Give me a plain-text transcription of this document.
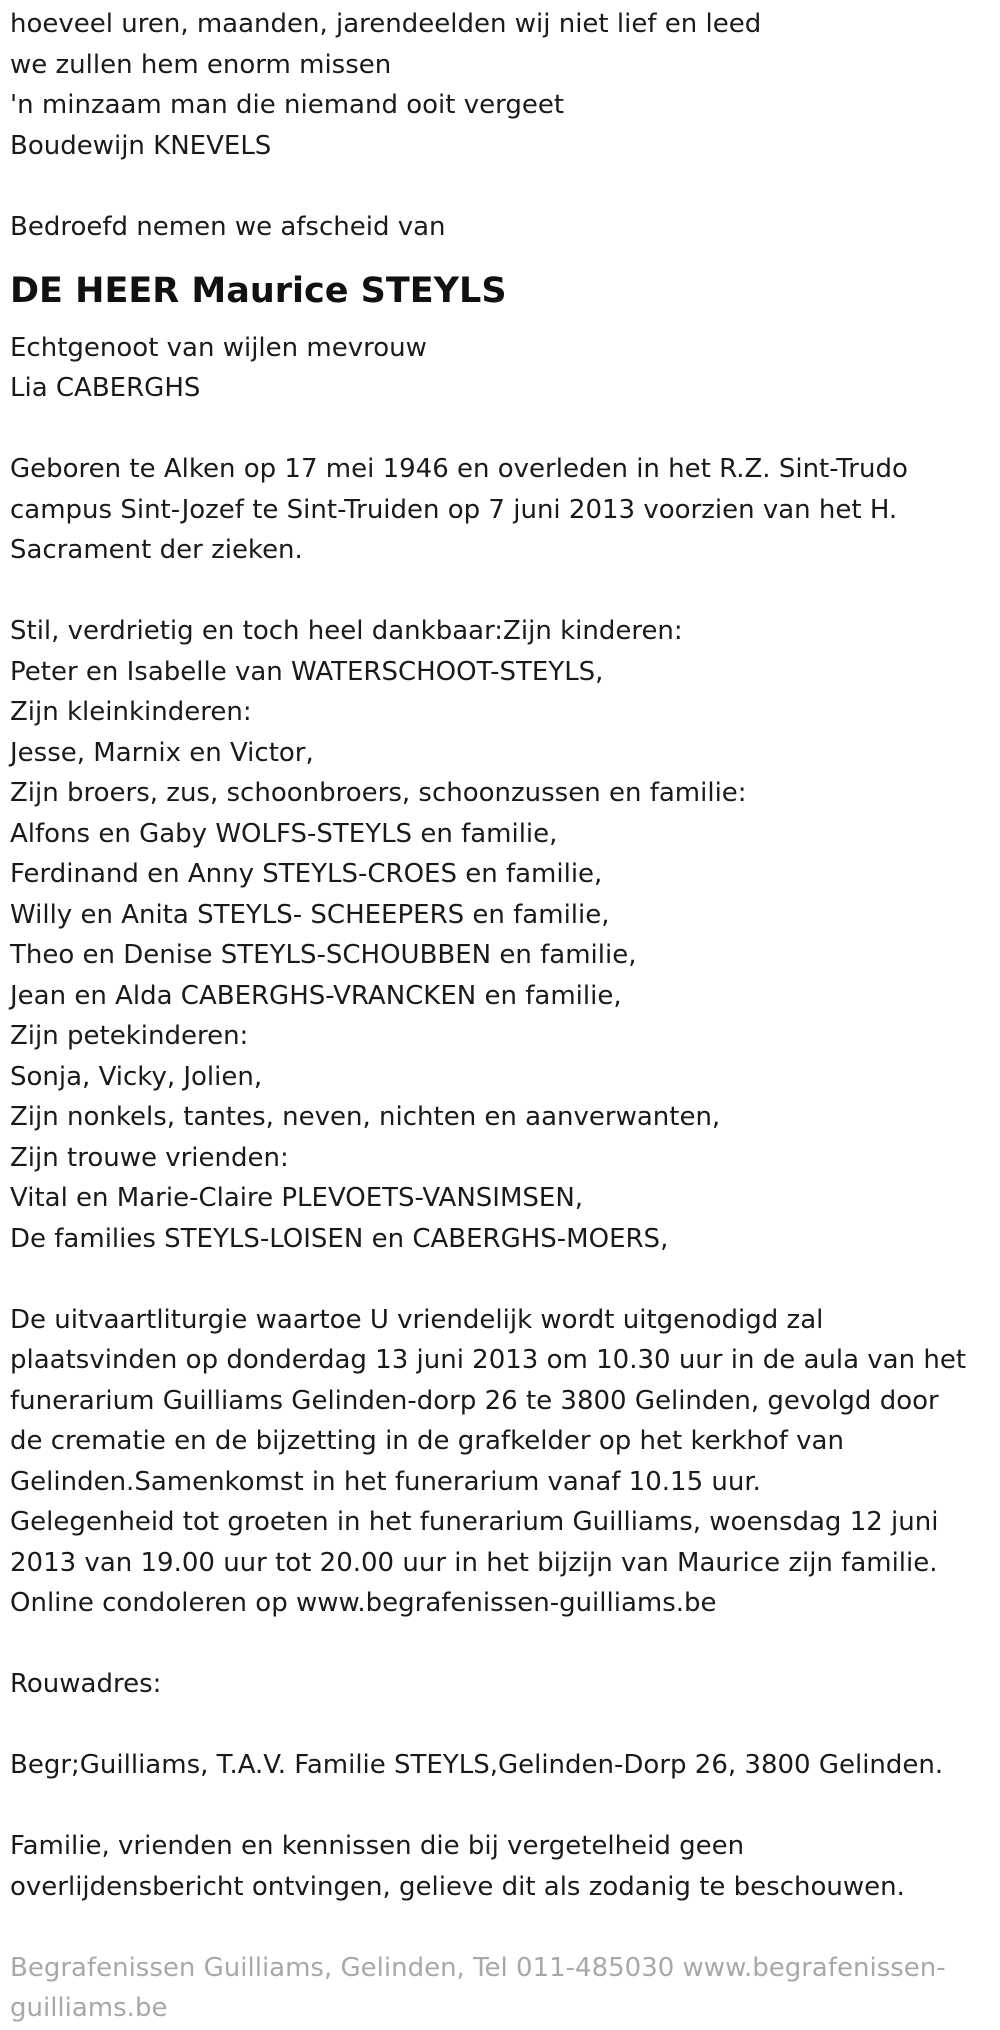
hoeveel uren, maanden, jarendeelden wij niet lief en leed
we zullen hem enorm missen
'n minzaam man die niemand ooit vergeet
Boudewijn KNEVELS
Bedroefd nemen we afscheid van
DE HEER Maurice STEYLS
Echtgenoot van wijlen mevrouw
Lia CABERGHS
Geboren te Alken op 17 mei 1946 en overleden in het R.Z. Sint-Trudo
campus Sint-Jozef te Sint-Truiden op 7 juni 2013 voorzien van het H.
Sacrament der zieken.
Stil, verdrietig en toch heel dankbaar:Zijn kinderen:
Peter en Isabelle van WATERSCHOOT-STEYLS,
Zijn kleinkinderen:
Jesse, Marnix en Victor,
Zijn broers, zus, schoonbroers, schoonzussen en familie:
Alfons en Gaby WOLFS-STEYLS en familie,
Ferdinand en Anny STEYLS-CROES en familie,
Willy en Anita STEYLS- SCHEEPERS en familie,
Theo en Denise STEYLS-SCHOUBBEN en familie,
Jean en Alda CABERGHS-VRANCKEN en familie,
Zijn petekinderen:
Sonja, Vicky, Jolien,
Zijn nonkels, tantes, neven, nichten en aanverwanten,
Zijn trouwe vrienden:
Vital en Marie-Claire PLEVOETS-VANSIMSEN,
De families STEYLS-LOISEN en CABERGHS-MOERS,
De uitvaartliturgie waartoe U vriendelijk wordt uitgenodigd zal
plaatsvinden op donderdag 13 juni 2013 om 10.30 uur in de aula van het
funerarium Guilliams Gelinden-dorp 26 te 3800 Gelinden, gevolgd door
de crematie en de bijzetting in de grafkelder op het kerkhof van
Gelinden.Samenkomst in het funerarium vanaf 10.15 uur.
Gelegenheid tot groeten in het funerarium Guilliams, woensdag 12 juni
2013 van 19.00 uur tot 20.00 uur in het bijzijn van Maurice zijn familie.
Online condoleren op www.begrafenissen-guilliams.be
Rouwadres:
Begr;Guilliams, T.A.V. Familie STEYLS,Gelinden-Dorp 26, 3800 Gelinden.
Familie, vrienden en kennissen die bij vergetelheid geen
overlijdensbericht ontvingen, gelieve dit als zodanig te beschouwen.
Begrafenissen Guilliams, Gelinden, Tel 011-485030 www.begrafenissen-
guilliams.be
